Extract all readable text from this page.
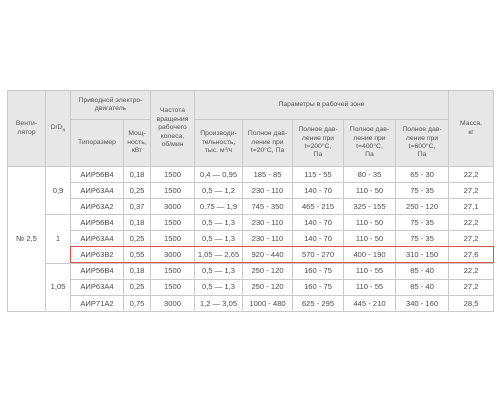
Венти-
лятор	$D/D_н$	Приводной электро-
двигатель		Частота
вращения
рабочего
колеса,
об/мин	Параметры в рабочей зоне					Масса,
кг
		Типоразмер	Мощ-
ность,
кВт		Производи-
тельность,
тыс. м³/ч	Полное дав-
ление при
t=20°С, Па	Полное дав-
ление при
t=200°С,
Па	Полное дав-
ление при
t=400°С,
Па	Полное дав-
ление при
t=600°С,
Па	
№ 2,5	0,9	АИР56В4	0,18	1500	0,4 — 0,95	185 - 85	115 - 55	80 - 35	65 - 30	22,2
		АИР63А4	0,25	1500	0,5 — 1,2	230 - 110	140 - 70	110 - 50	75 - 35	27,2
		АИР63А2	0,37	3000	0,75 — 1,9	745 - 350	465 - 215	325 - 155	250 - 120	27,1
	1	АИР56В4	0,18	1500	0,5 — 1,3	230 - 110	140 - 70	110 - 50	75 - 35	22,2
		АИР63А4	0,25	1500	0,5 — 1,3	230 - 110	140 - 70	110 - 50	75 - 35	27,2
		АИР63В2	0,55	3000	1,05 — 2,65	920 - 440	570 - 270	400 - 190	310 - 150	27,6
	1,05	АИР56В4	0,18	1500	0,5 — 1,3	250 - 120	160 - 75	110 - 55	85 - 40	22,2
		АИР63А4	0,25	1500	0,5 — 1,3	250 - 120	160 - 75	110 - 55	85 - 40	27,2
		АИР71А2	0,75	3000	1,2 — 3,05	1000 - 480	625 - 295	445 - 210	340 - 160	28,5
